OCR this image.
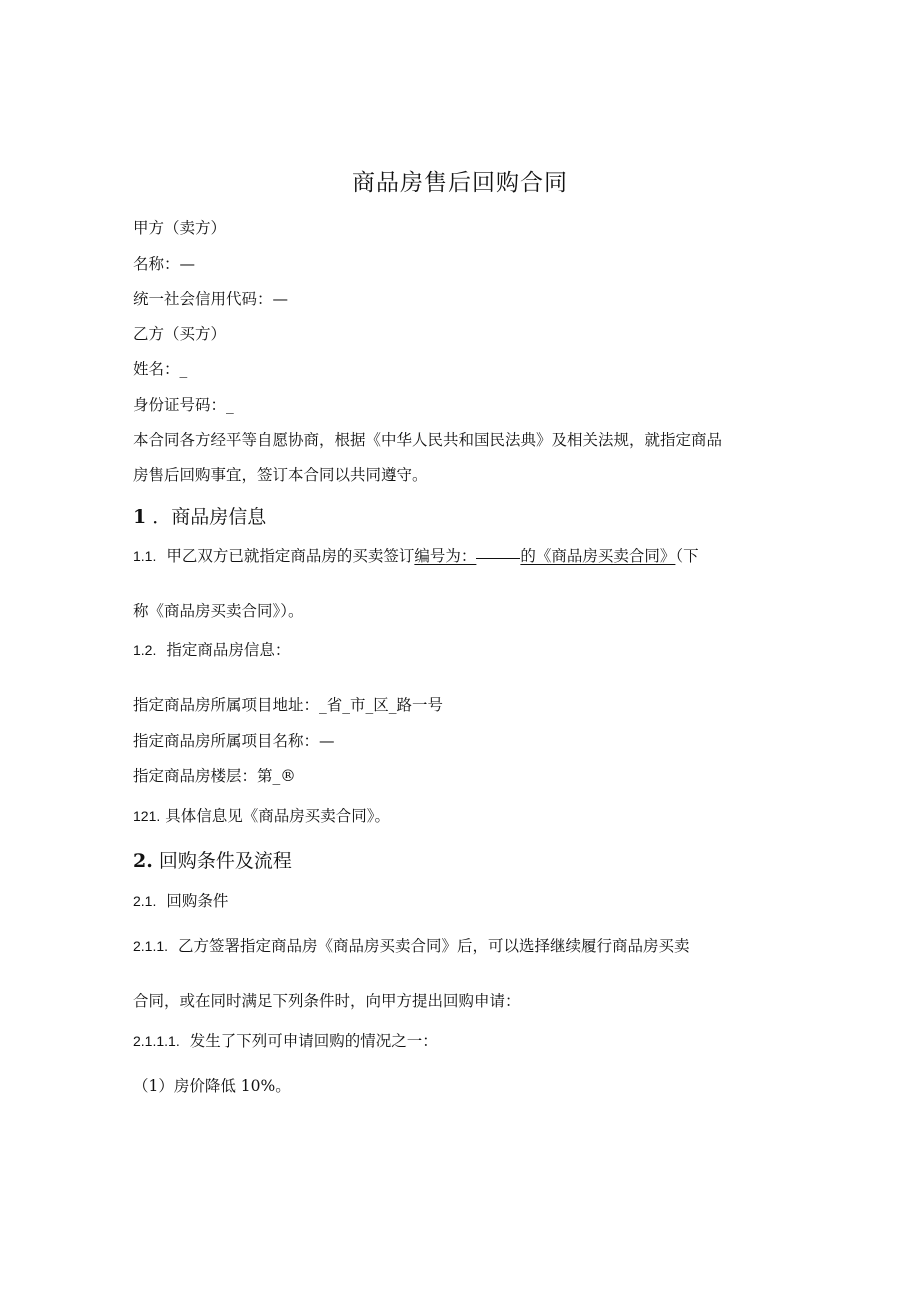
商品房售后回购合同
甲方（卖方）
名称：—
统一社会信用代码：—
乙方（买方）
姓名：_
身份证号码：_
本合同各方经平等自愿协商，根据《中华人民共和国民法典》及相关法规，就指定商品
房售后回购事宜，签订本合同以共同遵守。
1 ．商品房信息
1.1. 甲乙双方已就指定商品房的买卖签订编号为：	的《商品房买卖合同》（下
称《商品房买卖合同》）。
1.2. 指定商品房信息：
指定商品房所属项目地址：_省_市_区_路一号
指定商品房所属项目名称：—
指定商品房楼层：第_®
121. 具体信息见《商品房买卖合同》。
2. 回购条件及流程
2.1. 回购条件
2.1.1. 乙方签署指定商品房《商品房买卖合同》后，可以选择继续履行商品房买卖
合同，或在同时满足下列条件时，向甲方提出回购申请：
2.1.1.1. 发生了下列可申请回购的情况之一：
（1）房价降低 10%。
